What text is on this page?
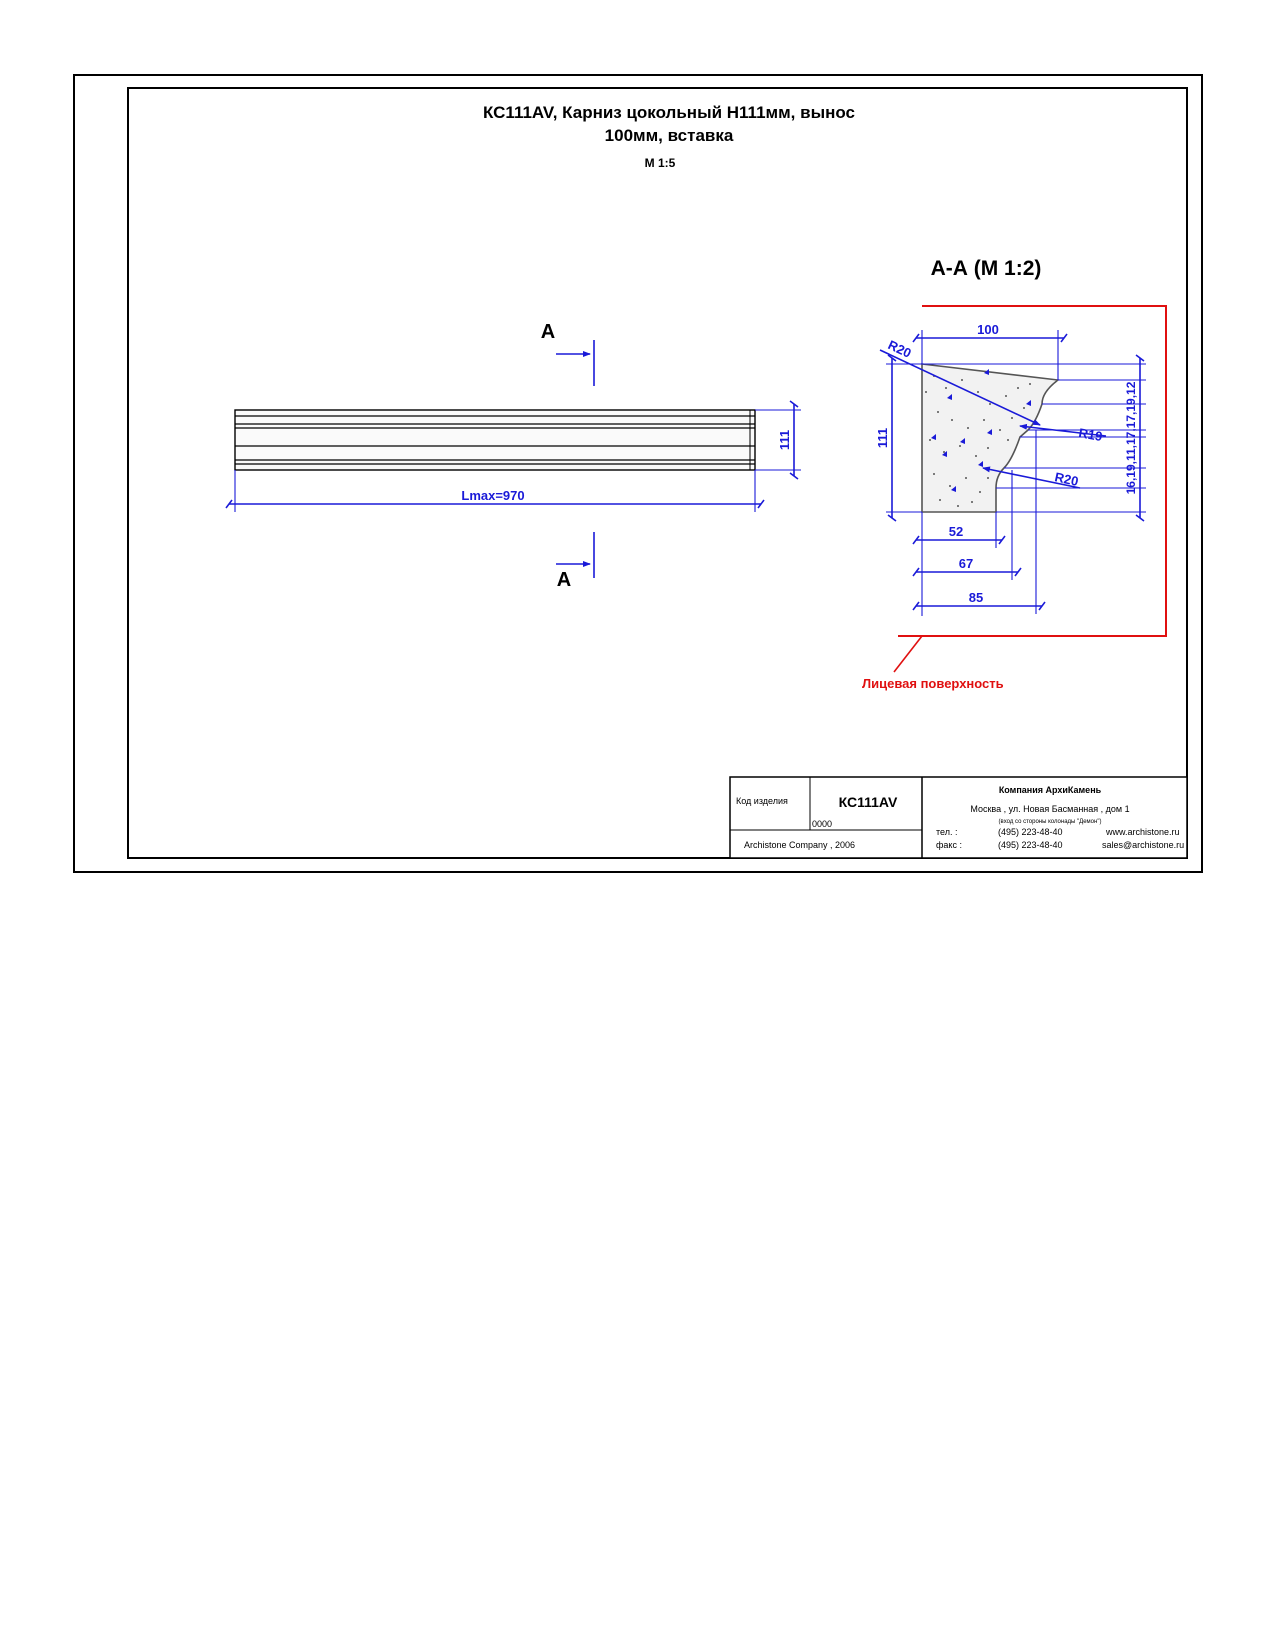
КС111AV, Карниз цокольный Н111мм, вынос
100мм, вставка
М 1:5
А
А
Lmax=970
111
А-А (М 1:2)
Лицевая поверхность
100
111
R20
R19
R20
52
67
85
16,19,11,17,17,19,12
Код изделия	КС111AV
0000
Archistone Company , 2006
Компания АрхиКамень
Москва , ул. Новая Басманная , дом 1
(вход со стороны колонады "Демон")
тел. :	(495) 223-48-40	www.archistone.ru
факс :	(495) 223-48-40	sales@archistone.ru
